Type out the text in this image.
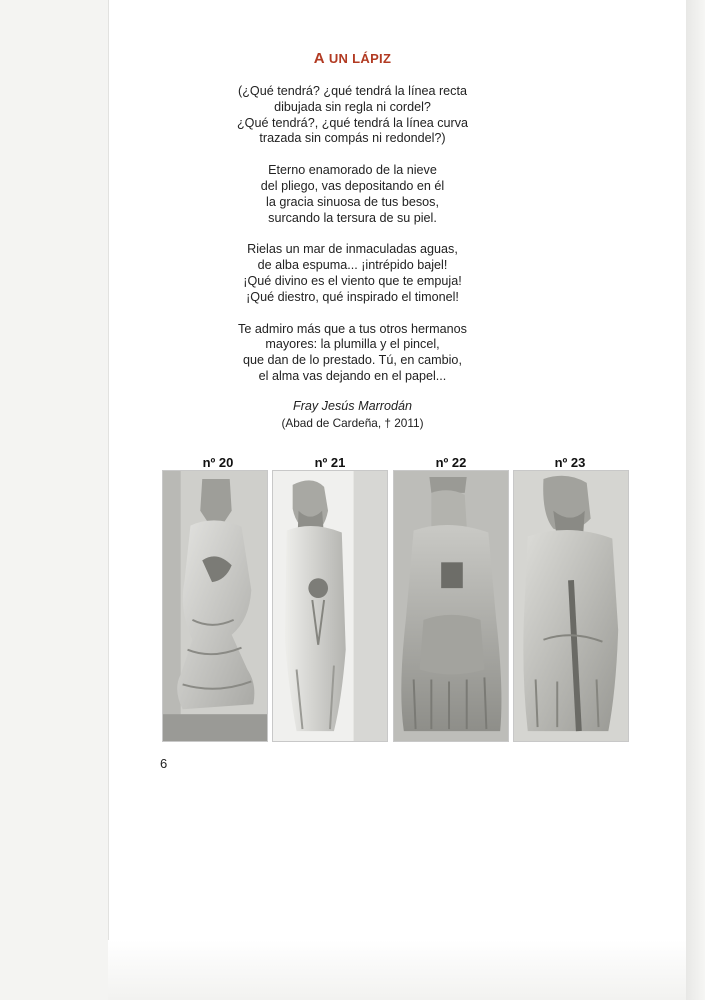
A UN LÁPIZ
(¿Qué tendrá? ¿qué tendrá la línea recta
dibujada sin regla ni cordel?
¿Qué tendrá?, ¿qué tendrá la línea curva
trazada sin compás ni redondel?)
Eterno enamorado de la nieve
del pliego, vas depositando en él
la gracia sinuosa de tus besos,
surcando la tersura de su piel.
Rielas un mar de inmaculadas aguas,
de alba espuma... ¡intrépido bajel!
¡Qué divino es el viento que te empuja!
¡Qué diestro, qué inspirado el timonel!
Te admiro más que a tus otros hermanos
mayores: la plumilla y el pincel,
que dan de lo prestado. Tú, en cambio,
el alma vas dejando en el papel...
Fray Jesús Marrodán
(Abad de Cardeña, † 2011)
nº 20	nº 21	nº 22	nº 23
6
